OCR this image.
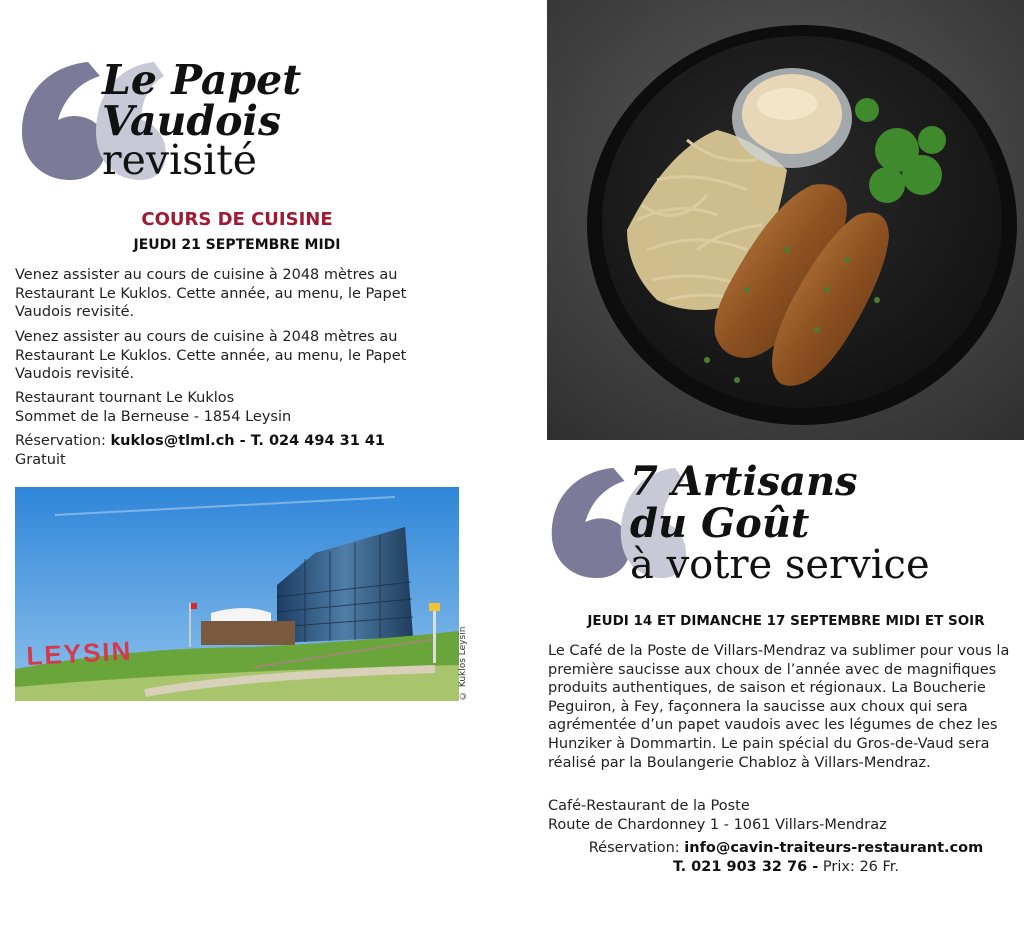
Le Papet
Vaudois
revisité
COURS DE CUISINE
JEUDI 21 SEPTEMBRE MIDI
Venez assister au cours de cuisine à 2048 mètres au Restaurant Le Kuklos. Cette année, au menu, le Papet Vaudois revisité.
Venez assister au cours de cuisine à 2048 mètres au Restaurant Le Kuklos. Cette année, au menu, le Papet Vaudois revisité.
Restaurant tournant Le Kuklos
Sommet de la Berneuse - 1854 Leysin
Réservation: kuklos@tlml.ch - T. 024 494 31 41
Gratuit
LEYSIN	© Kuklos Leysin
7 Artisans
du Goût
à votre service
JEUDI 14 ET DIMANCHE 17 SEPTEMBRE MIDI ET SOIR
Le Café de la Poste de Villars-Mendraz va sublimer pour vous la première saucisse aux choux de l’année avec de magnifiques produits authentiques, de saison et régionaux. La Boucherie Peguiron, à Fey, façonnera la saucisse aux choux qui sera agrémentée d’un papet vaudois avec les légumes de chez les Hunziker à Dommartin. Le pain spécial du Gros-de-Vaud sera réalisé par la Boulangerie Chabloz à Villars-Mendraz.
Café-Restaurant de la Poste
Route de Chardonney 1 - 1061 Villars-Mendraz
Réservation: info@cavin-traiteurs-restaurant.com
T. 021 903 32 76 - Prix: 26 Fr.
